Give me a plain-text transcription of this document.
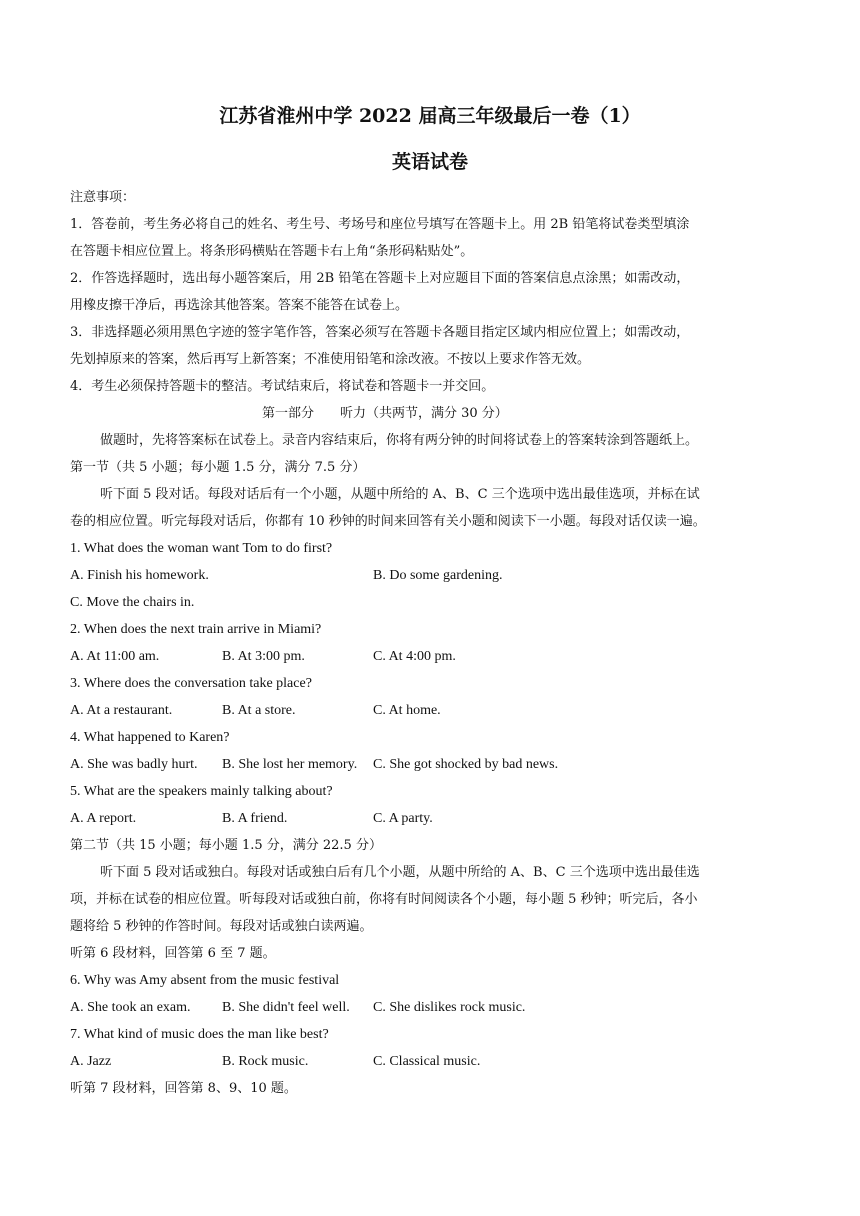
江苏省淮州中学 2022 届高三年级最后一卷（1）
英语试卷
注意事项：
1．答卷前，考生务必将自己的姓名、考生号、考场号和座位号填写在答题卡上。用 2B 铅笔将试卷类型填涂
在答题卡相应位置上。将条形码横贴在答题卡右上角“条形码粘贴处”。
2．作答选择题时，选出每小题答案后，用 2B 铅笔在答题卡上对应题目下面的答案信息点涂黑；如需改动，
用橡皮擦干净后，再选涂其他答案。答案不能答在试卷上。
3．非选择题必须用黑色字迹的签字笔作答，答案必须写在答题卡各题目指定区域内相应位置上；如需改动，
先划掉原来的答案，然后再写上新答案；不准使用铅笔和涂改液。不按以上要求作答无效。
4．考生必须保持答题卡的整洁。考试结束后，将试卷和答题卡一并交回。
第一部分　　听力（共两节，满分 30 分）
做题时，先将答案标在试卷上。录音内容结束后，你将有两分钟的时间将试卷上的答案转涂到答题纸上。
第一节（共 5 小题；每小题 1.5 分，满分 7.5 分）
听下面 5 段对话。每段对话后有一个小题，从题中所给的 A、B、C 三个选项中选出最佳选项，并标在试
卷的相应位置。听完每段对话后，你都有 10 秒钟的时间来回答有关小题和阅读下一小题。每段对话仅读一遍。
1. What does the woman want Tom to do first?
A. Finish his homework.	B. Do some gardening.
C. Move the chairs in.
2. When does the next train arrive in Miami?
A. At 11:00 am.	B. At 3:00 pm.	C. At 4:00 pm.
3. Where does the conversation take place?
A. At a restaurant.	B. At a store.	C. At home.
4. What happened to Karen?
A. She was badly hurt. B. She lost her memory. C. She got shocked by bad news.
5. What are the speakers mainly talking about?
A. A report.	B. A friend.	C. A party.
第二节（共 15 小题；每小题 1.5 分，满分 22.5 分）
听下面 5 段对话或独白。每段对话或独白后有几个小题，从题中所给的 A、B、C 三个选项中选出最佳选
项，并标在试卷的相应位置。听每段对话或独白前，你将有时间阅读各个小题，每小题 5 秒钟；听完后，各小
题将给 5 秒钟的作答时间。每段对话或独白读两遍。
听第 6 段材料，回答第 6 至 7 题。
6. Why was Amy absent from the music festival
A. She took an exam. B. She didn't feel well. C. She dislikes rock music.
7. What kind of music does the man like best?
A. Jazz	B. Rock music.	C. Classical music.
听第 7 段材料，回答第 8、9、10 题。
